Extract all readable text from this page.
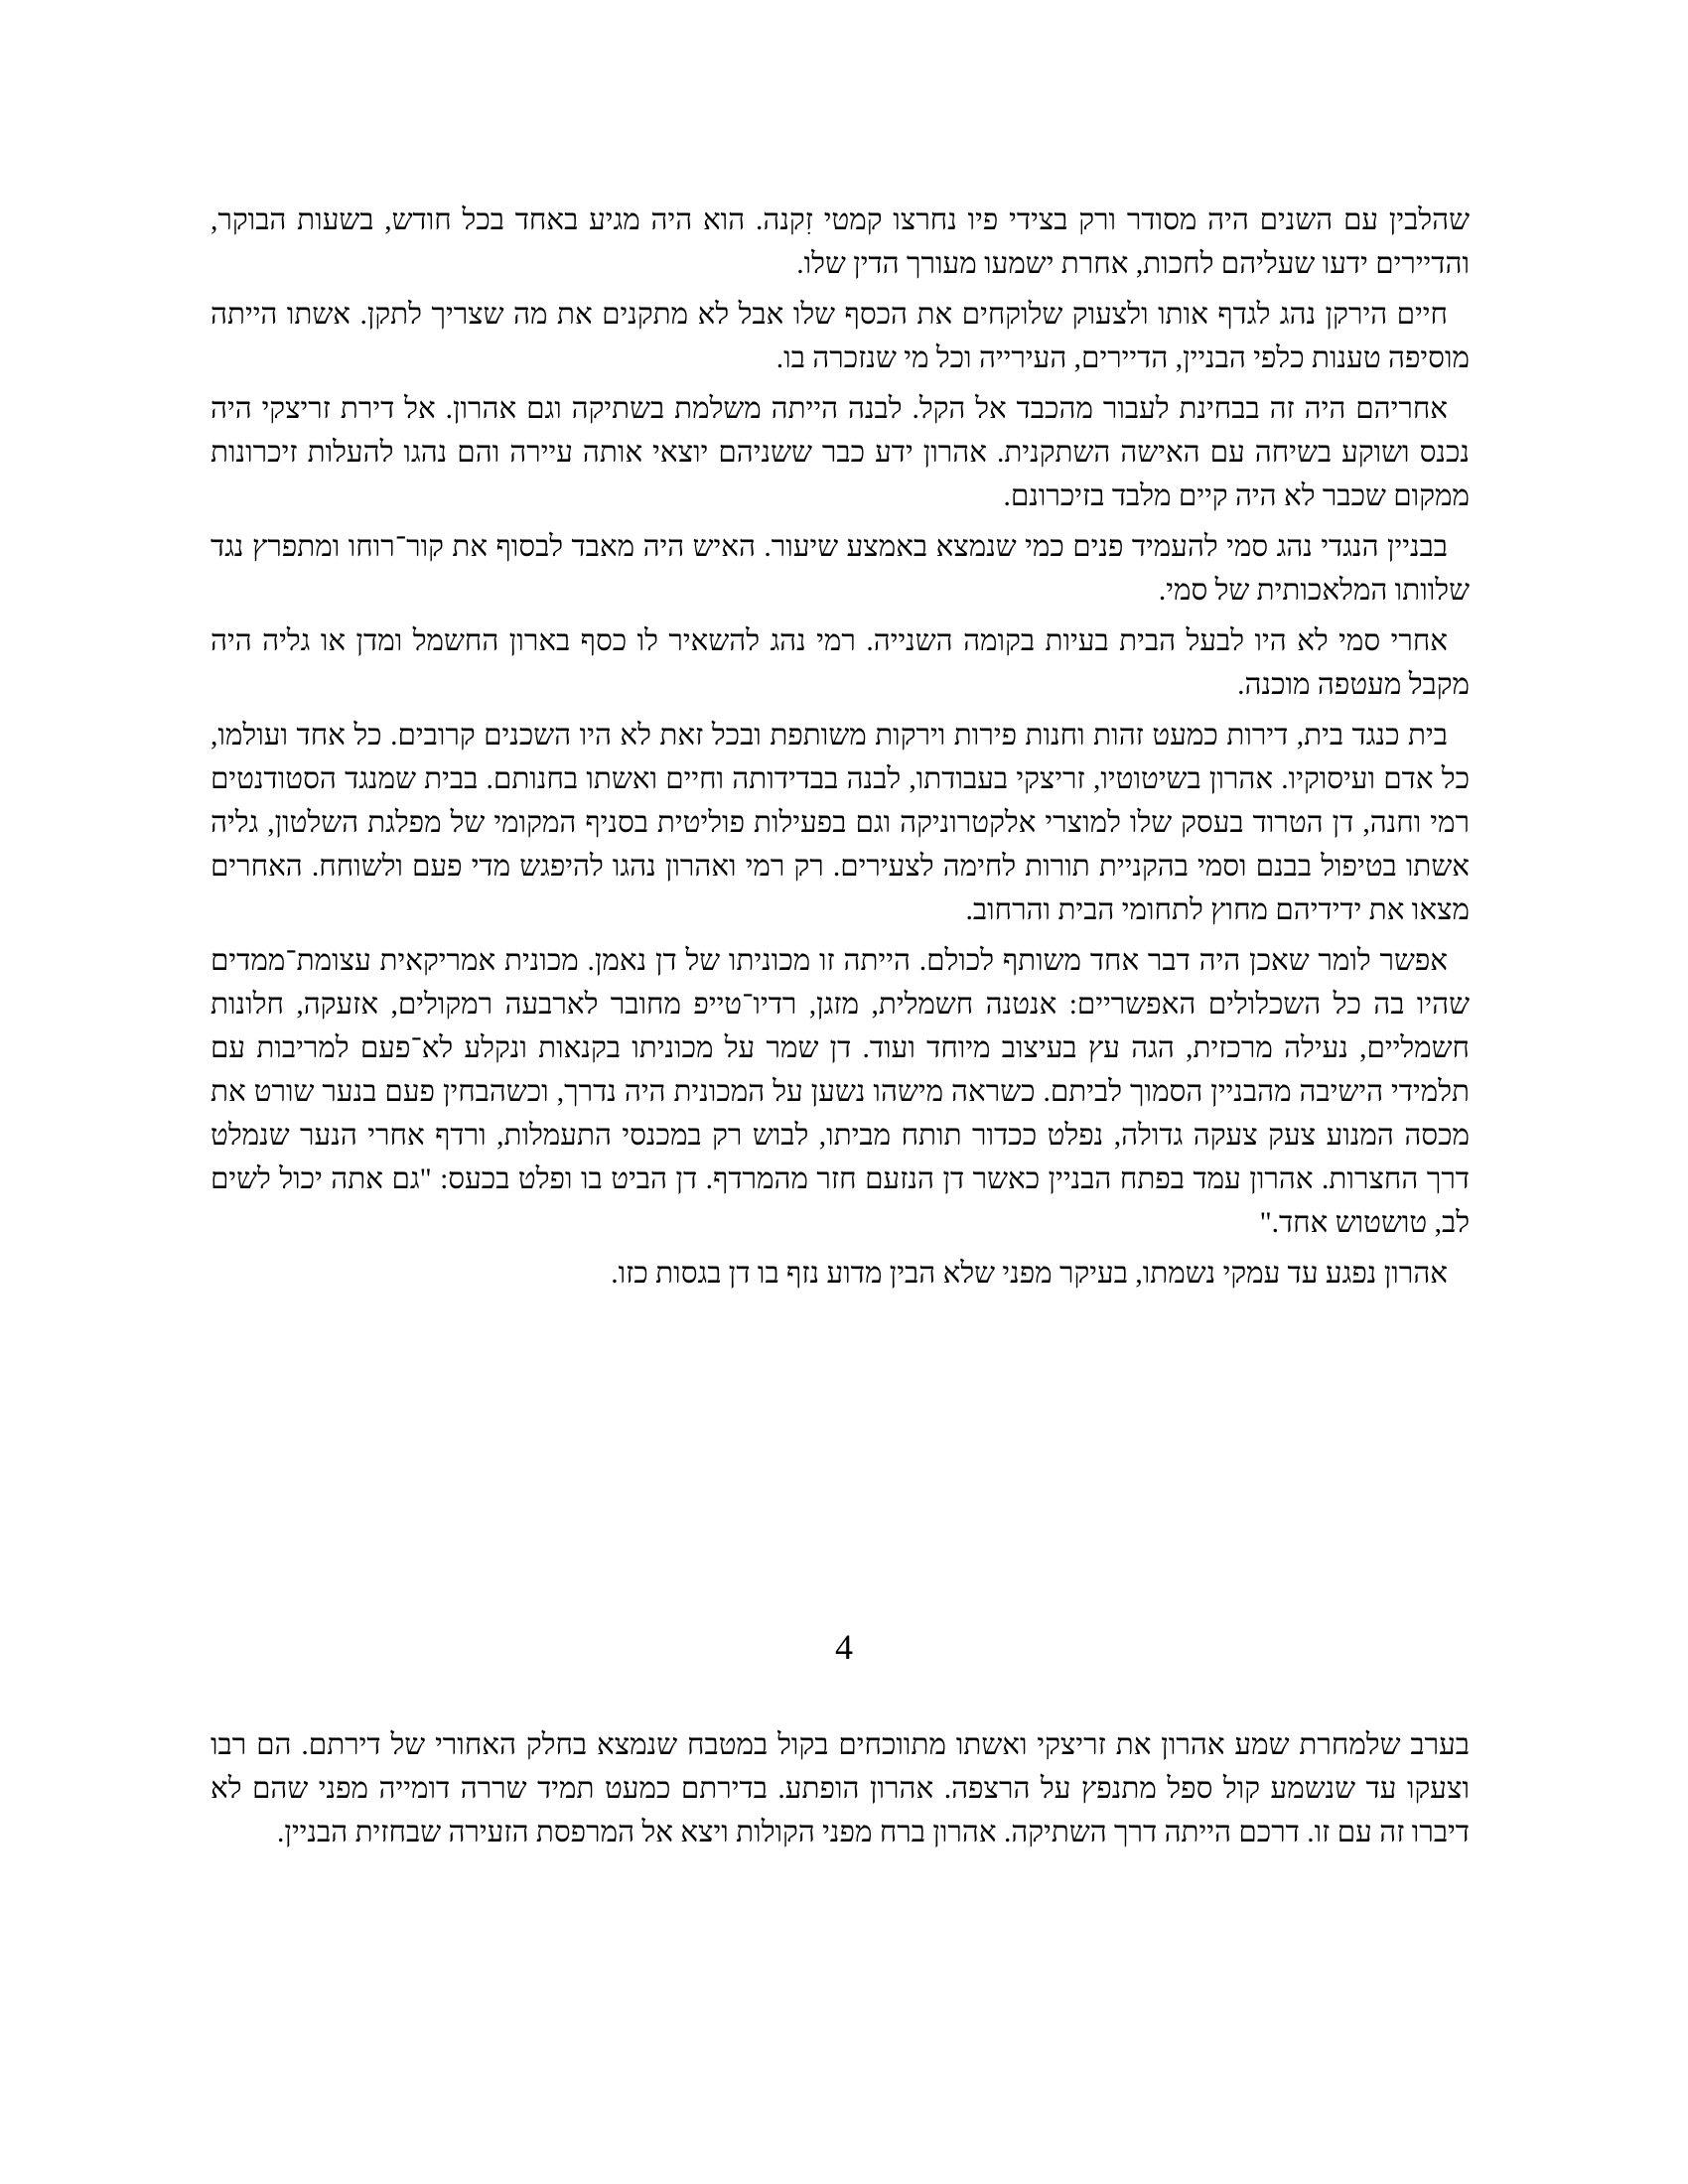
שהלבין עם השנים היה מסודר ורק בצידי פיו נחרצו קמטי זִקנה. הוא היה מגיע באחד בכל חודש, בשעות הבוקר, והדיירים ידעו שעליהם לחכות, אחרת ישמעו מעורך הדין שלו.

חיים הירקן נהג לגדף אותו ולצעוק שלוקחים את הכסף שלו אבל לא מתקנים את מה שצריך לתקן. אשתו הייתה מוסיפה טענות כלפי הבניין, הדיירים, העירייה וכל מי שנזכרה בו.

אחריהם היה זה בבחינת לעבור מהכבד אל הקל. לבנה הייתה משלמת בשתיקה וגם אהרון. אל דירת זריצקי היה נכנס ושוקע בשיחה עם האישה השתקנית. אהרון ידע כבר ששניהם יוצאי אותה עיירה והם נהגו להעלות זיכרונות ממקום שכבר לא היה קיים מלבד בזיכרונם.

בבניין הנגדי נהג סמי להעמיד פנים כמי שנמצא באמצע שיעור. האיש היה מאבד לבסוף את קור־רוחו ומתפרץ נגד שלוותו המלאכותית של סמי.

אחרי סמי לא היו לבעל הבית בעיות בקומה השנייה. רמי נהג להשאיר לו כסף בארון החשמל ומדן או גליה היה מקבל מעטפה מוכנה.

בית כנגד בית, דירות כמעט זהות וחנות פירות וירקות משותפת ובכל זאת לא היו השכנים קרובים. כל אחד ועולמו, כל אדם ועיסוקיו. אהרון בשיטוטיו, זריצקי בעבודתו, לבנה בבדידותה וחיים ואשתו בחנותם. בבית שמנגד הסטודנטים רמי וחנה, דן הטרוד בעסק שלו למוצרי אלקטרוניקה וגם בפעילות פוליטית בסניף המקומי של מפלגת השלטון, גליה אשתו בטיפול בבנם וסמי בהקניית תורות לחימה לצעירים. רק רמי ואהרון נהגו להיפגש מדי פעם ולשוחח. האחרים מצאו את ידידיהם מחוץ לתחומי הבית והרחוב.

אפשר לומר שאכן היה דבר אחד משותף לכולם. הייתה זו מכוניתו של דן נאמן. מכונית אמריקאית עצומת־ממדים שהיו בה כל השכלולים האפשריים: אנטנה חשמלית, מזגן, רדיו־טייפ מחובר לארבעה רמקולים, אזעקה, חלונות חשמליים, נעילה מרכזית, הגה עץ בעיצוב מיוחד ועוד. דן שמר על מכוניתו בקנאות ונקלע לא־פעם למריבות עם תלמידי הישיבה מהבניין הסמוך לביתם. כשראה מישהו נשען על המכונית היה נדרך, וכשהבחין פעם בנער שורט את מכסה המנוע צעק צעקה גדולה, נפלט ככדור תותח מביתו, לבוש רק במכנסי התעמלות, ורדף אחרי הנער שנמלט דרך החצרות. אהרון עמד בפתח הבניין כאשר דן הנזעם חזר מהמרדף. דן הביט בו ופלט בכעס: "גם אתה יכול לשים לב, טושטוש אחד."

אהרון נפגע עד עמקי נשמתו, בעיקר מפני שלא הבין מדוע נזף בו דן בגסות כזו.

4

בערב שלמחרת שמע אהרון את זריצקי ואשתו מתווכחים בקול במטבח שנמצא בחלק האחורי של דירתם. הם רבו וצעקו עד שנשמע קול ספל מתנפץ על הרצפה. אהרון הופתע. בדירתם כמעט תמיד שררה דומייה מפני שהם לא דיברו זה עם זו. דרכם הייתה דרך השתיקה. אהרון ברח מפני הקולות ויצא אל המרפסת הזעירה שבחזית הבניין.
